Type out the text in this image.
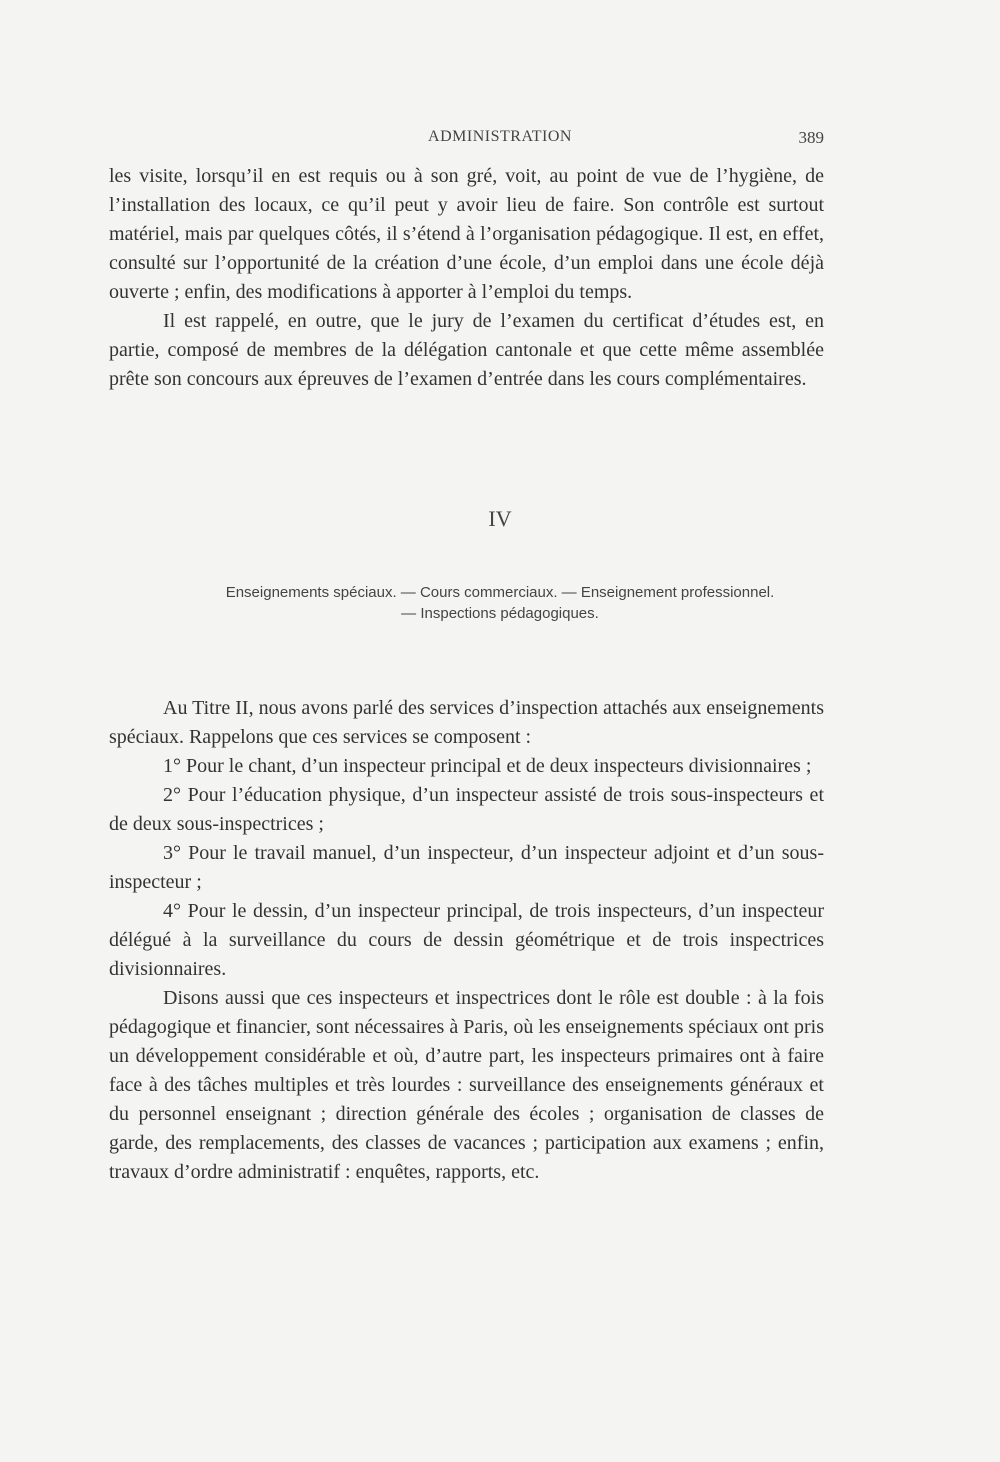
ADMINISTRATION	389

les visite, lorsqu’il en est requis ou à son gré, voit, au point de vue de l’hygiène, de l’installation des locaux, ce qu’il peut y avoir lieu de faire. Son contrôle est surtout matériel, mais par quelques côtés, il s’étend à l’organisation pédagogique. Il est, en effet, consulté sur l’opportunité de la création d’une école, d’un emploi dans une école déjà ouverte ; enfin, des modifications à apporter à l’emploi du temps.

Il est rappelé, en outre, que le jury de l’examen du certificat d’études est, en partie, composé de membres de la délégation cantonale et que cette même assemblée prête son concours aux épreuves de l’examen d’entrée dans les cours complémentaires.

IV
Enseignements spéciaux. — Cours commerciaux. — Enseignement professionnel.
— Inspections pédagogiques.

Au Titre II, nous avons parlé des services d’inspection attachés aux enseignements spéciaux. Rappelons que ces services se composent :

1° Pour le chant, d’un inspecteur principal et de deux inspecteurs divisionnaires ;

2° Pour l’éducation physique, d’un inspecteur assisté de trois sous-inspecteurs et de deux sous-inspectrices ;

3° Pour le travail manuel, d’un inspecteur, d’un inspecteur adjoint et d’un sous-inspecteur ;

4° Pour le dessin, d’un inspecteur principal, de trois inspecteurs, d’un inspecteur délégué à la surveillance du cours de dessin géométrique et de trois inspectrices divisionnaires.

Disons aussi que ces inspecteurs et inspectrices dont le rôle est double : à la fois pédagogique et financier, sont nécessaires à Paris, où les enseignements spéciaux ont pris un développement considérable et où, d’autre part, les inspecteurs primaires ont à faire face à des tâches multiples et très lourdes : surveillance des enseignements généraux et du personnel enseignant ; direction générale des écoles ; organisation de classes de garde, des remplacements, des classes de vacances ; participation aux examens ; enfin, travaux d’ordre administratif : enquêtes, rapports, etc.
